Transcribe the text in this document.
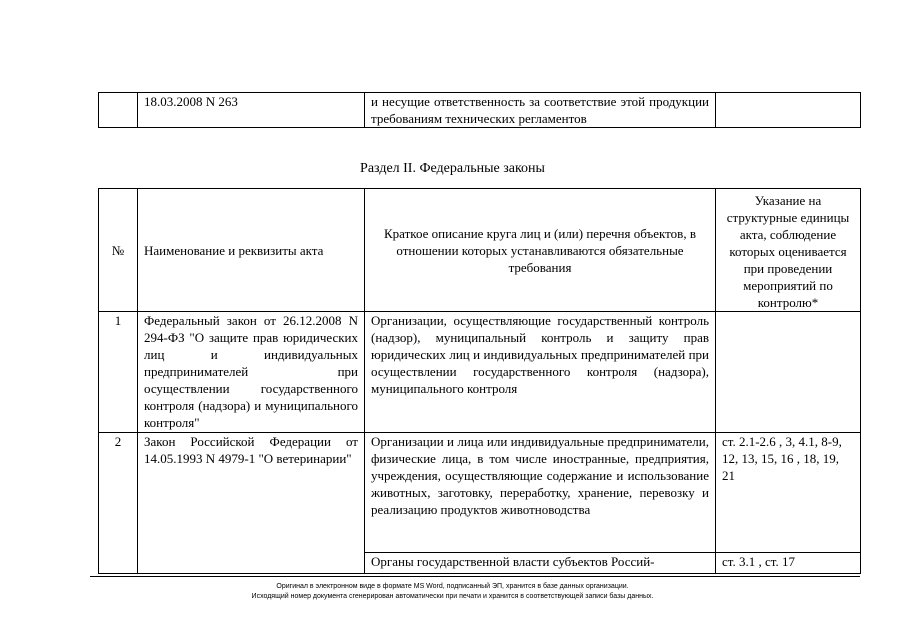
	18.03.2008 N 263	и несущие ответственность за соответствие этой продукции требованиям технических регламентов	
Раздел II. Федеральные законы
№	Наименование и реквизиты акта	Краткое описание круга лиц и (или) перечня объектов, в отношении которых устанавливаются обязательные требования	Указание на структурные единицы акта, соблюдение которых оценивается при проведении мероприятий по контролю*
1	Федеральный закон от 26.12.2008 N 294-ФЗ "О защите прав юридических лиц и индивидуальных предпринимателей при осуществлении государственного контроля (надзора) и муниципального контроля"	Организации, осуществляющие государственный контроль (надзор), муниципальный контроль и защиту прав юридических лиц и индивидуальных предпринимателей при осуществлении государственного контроля (надзора), муниципального контроля	
2	Закон Российской Федерации от 14.05.1993 N 4979-1 "О ветеринарии"	Организации и лица или индивидуальные предприниматели, физические лица, в том числе иностранные, предприятия, учреждения, осуществляющие содержание и использование животных, заготовку, переработку, хранение, перевозку и реализацию продуктов животноводства	ст. 2.1-2.6 , 3, 4.1, 8-9, 12, 13, 15, 16 , 18, 19, 21
		Органы государственной власти субъектов Россий-	ст. 3.1 , ст. 17
Оригинал в электронном виде в формате MS Word, подписанный ЭП, хранится в базе данных организации.
Исходящий номер документа сгенерирован автоматически при печати и хранится в соответствующей записи базы данных.
